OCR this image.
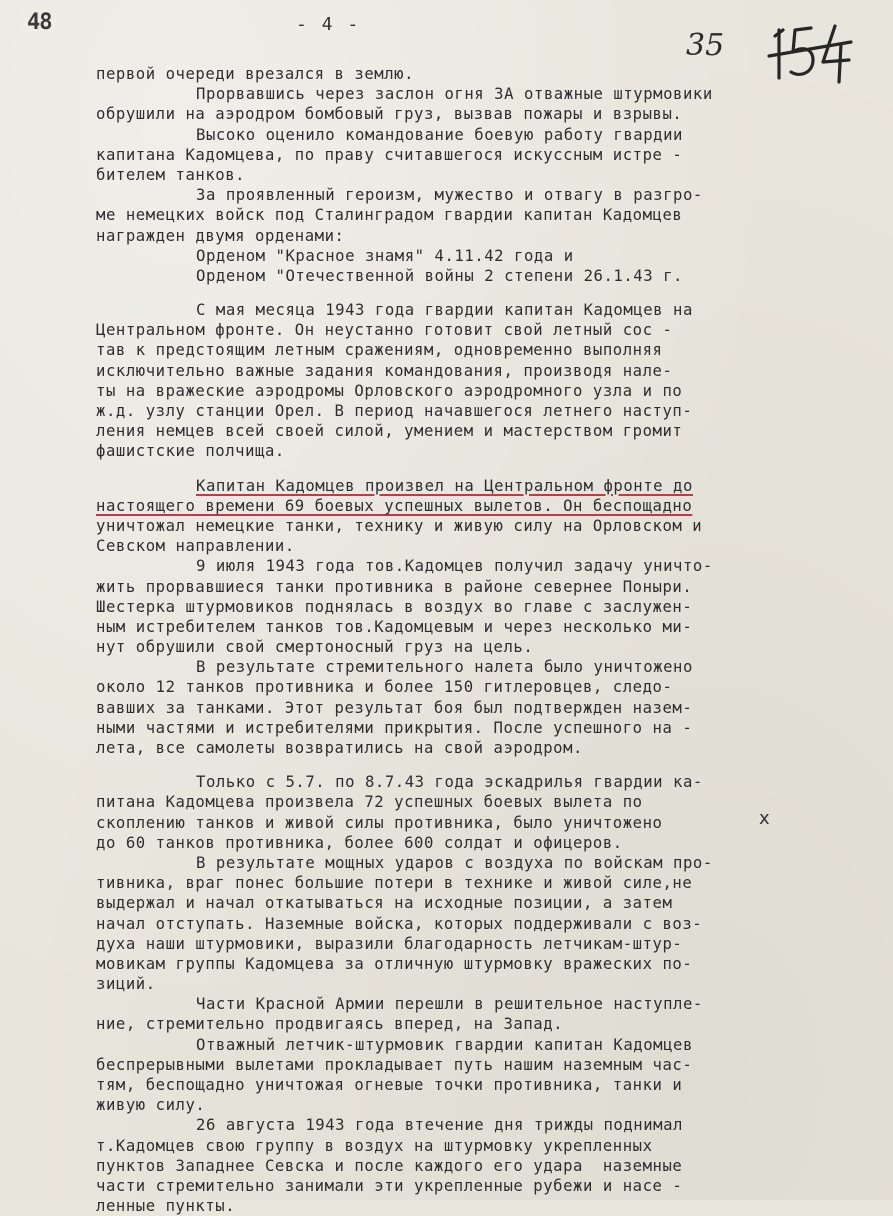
48	- 4 -
35
первой очереди врезался в землю.
Прорвавшись через заслон огня ЗА отважные штурмовики
обрушили на аэродром бомбовый груз, вызвав пожары и взрывы.
Высоко оценило командование боевую работу гвардии
капитана Кадомцева, по праву считавшегося искуссным истре -
бителем танков.
За проявленный героизм, мужество и отвагу в разгро-
ме немецких войск под Сталинградом гвардии капитан Кадомцев
награжден двумя орденами:
Орденом "Красное знамя" 4.11.42 года и
Орденом "Отечественной войны 2 степени 26.1.43 г.
С мая месяца 1943 года гвардии капитан Кадомцев на
Центральном фронте. Он неустанно готовит свой летный сос -
тав к предстоящим летным сражениям, одновременно выполняя
исключительно важные задания командования, производя нале-
ты на вражеские аэродромы Орловского аэродромного узла и по
ж.д. узлу станции Орел. В период начавшегося летнего наступ-
ления немцев всей своей силой, умением и мастерством громит
фашистские полчища.
Капитан Кадомцев произвел на Центральном фронте до
настоящего времени 69 боевых успешных вылетов. Он беспощадно
уничтожал немецкие танки, технику и живую силу на Орловском и
Севском направлении.
9 июля 1943 года тов.Кадомцев получил задачу уничто-
жить прорвавшиеся танки противника в районе севернее Поныри.
Шестерка штурмовиков поднялась в воздух во главе с заслужен-
ным истребителем танков тов.Кадомцевым и через несколько ми-
нут обрушили свой смертоносный груз на цель.
В результате стремительного налета было уничтожено
около 12 танков противника и более 150 гитлеровцев, следо-
вавших за танками. Этот результат боя был подтвержден назем-
ными частями и истребителями прикрытия. После успешного на -
лета, все самолеты возвратились на свой аэродром.
Только с 5.7. по 8.7.43 года эскадрилья гвардии ка-
питана Кадомцева произвела 72 успешных боевых вылета по
скоплению танков и живой силы противника, было уничтожено
до 60 танков противника, более 600 солдат и офицеров.
В результате мощных ударов с воздуха по войскам про-
тивника, враг понес большие потери в технике и живой силе,не
выдержал и начал откатываться на исходные позиции, а затем
начал отступать. Наземные войска, которых поддерживали с воз-
духа наши штурмовики, выразили благодарность летчикам-штур-
мовикам группы Кадомцева за отличную штурмовку вражеских по-
зиций.
Части Красной Армии перешли в решительное наступле-
ние, стремительно продвигаясь вперед, на Запад.
Отважный летчик-штурмовик гвардии капитан Кадомцев
беспрерывными вылетами прокладывает путь нашим наземным час-
тям, беспощадно уничтожая огневые точки противника, танки и
живую силу.
26 августа 1943 года втечение дня трижды поднимал
т.Кадомцев свою группу в воздух на штурмовку укрепленных
пунктов Западнее Севска и после каждого его удара  наземные
части стремительно занимали эти укрепленные рубежи и насе -
ленные пункты.
x
